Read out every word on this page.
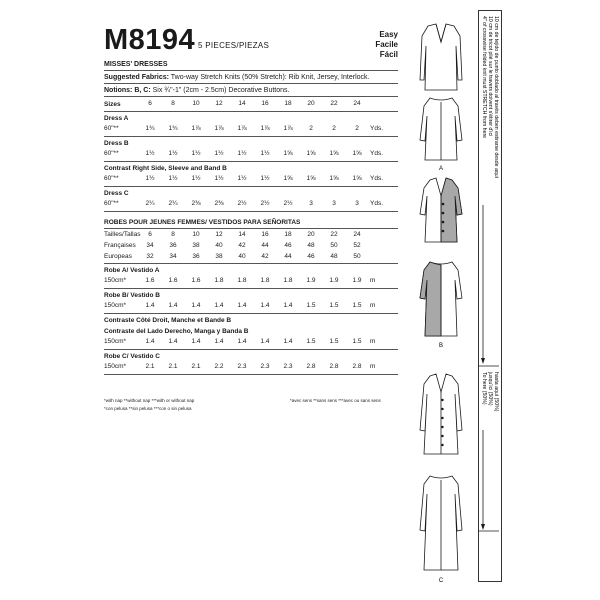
M8194 5 PIECES/PIEZAS
Easy
Facile
Fácil
MISSES' DRESSES
Suggested Fabrics: Two-way Stretch Knits (50% Stretch): Rib Knit, Jersey, Interlock.
Notions: B, C: Six ¾"-1" (2cm - 2.5cm) Decorative Buttons.
6	8	10	12	14	16	18	20	22	24
Sizes
Dress A
60"**	1¾	1¾	1⅞	1⅞	1⅞	1⅞	1⅞	2	2	2	Yds.
Dress B
60"**	1½	1½	1½	1½	1½	1½	1⅝	1⅝	1⅝	1⅝	Yds.
Contrast Right Side, Sleeve and Band B
60"**	1½	1½	1½	1½	1½	1½	1⅝	1⅝	1⅝	1⅝	Yds.
Dress C
60"**	2¼	2¼	2⅜	2⅜	2½	2½	2½	3	3	3	Yds.
ROBES POUR JEUNES FEMMES/ VESTIDOS PARA SEÑORITAS
Tailles/Tallas	6	8	10	12	14	16	18	20	22	24
Françaises	34	36	38	40	42	44	46	48	50	52
Europeas	32	34	36	38	40	42	44	46	48	50
Robe A/ Vestido A
150cm*	1.6	1.6	1.6	1.8	1.8	1.8	1.8	1.9	1.9	1.9	m
Robe B/ Vestido B
150cm*	1.4	1.4	1.4	1.4	1.4	1.4	1.4	1.5	1.5	1.5	m
Contraste Côté Droit, Manche et Bande B
Contraste del Lado Derecho, Manga y Banda B
150cm*	1.4	1.4	1.4	1.4	1.4	1.4	1.4	1.5	1.5	1.5	m
Robe C/ Vestido C
150cm*	2.1	2.1	2.1	2.2	2.3	2.3	2.3	2.8	2.8	2.8	m
*with nap **without nap ***with or without nap
*con pelusa **sin pelusa ***con o sin pelusa
*avec sens **sans sens ***avec ou sans sens
A
B
C
4" of crosswise folded knit must STRETCH from here 10 cm de tricot plié sur le travers doivent s'étirer d'ici 10 cm de tejido de punto doblado al través deben estirarse desde aquí
To here (50%) jusqu'ici (50%) hasta aquí (50%)
